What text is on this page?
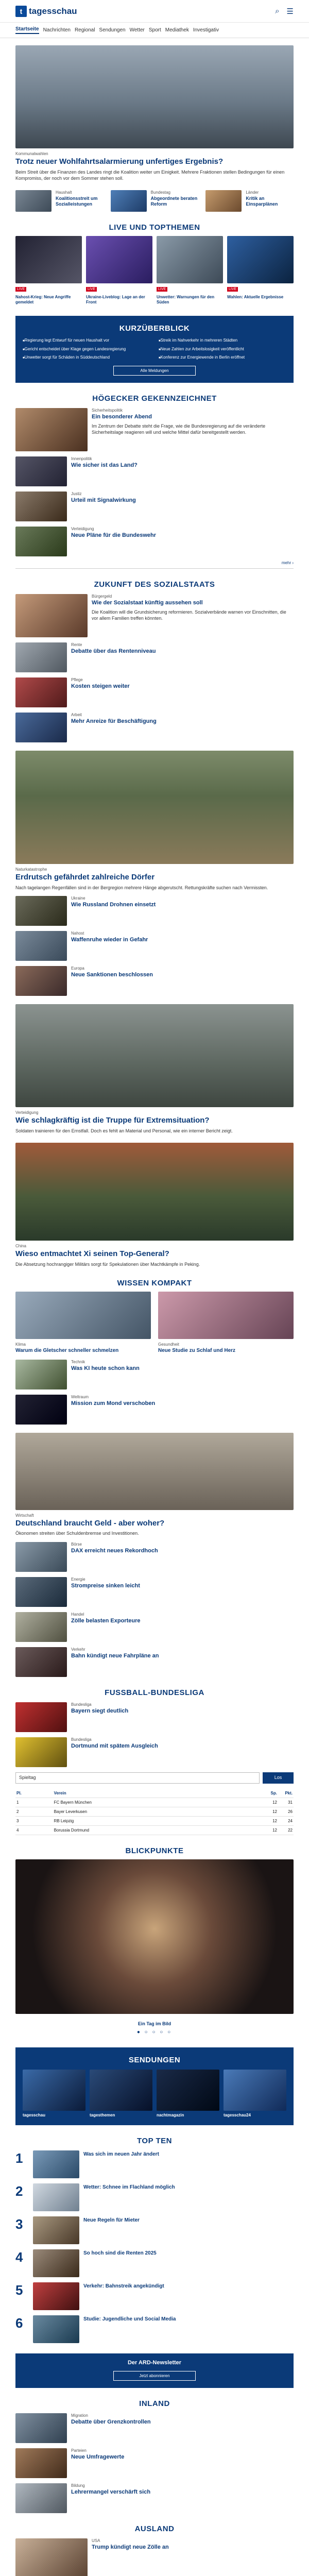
t tagesschau	⌕ ☰
Startseite Nachrichten Regional Sendungen Wetter Sport Mediathek Investigativ
Kommunalwahlen
Trotz neuer Wohlfahrtsalarmierung unfertiges Ergebnis?
Beim Streit über die Finanzen des Landes ringt die Koalition weiter um Einigkeit. Mehrere Fraktionen stellen Bedingungen für einen Kompromiss, der noch vor dem Sommer stehen soll.
Haushalt
Koalitionsstreit um Sozialleistungen
Bundestag
Abgeordnete beraten Reform
Länder
Kritik an Einsparplänen
LIVE UND TOPTHEMEN
LIVE
Nahost-Krieg: Neue Angriffe gemeldet
LIVE
Ukraine-Liveblog: Lage an der Front
LIVE
Unwetter: Warnungen für den Süden
LIVE
Wahlen: Aktuelle Ergebnisse
KURZÜBERBLICK
■ Regierung legt Entwurf für neuen Haushalt vor	■ Streik im Nahverkehr in mehreren Städten
■ Gericht entscheidet über Klage gegen Landesregierung	■ Neue Zahlen zur Arbeitslosigkeit veröffentlicht
■ Unwetter sorgt für Schäden in Süddeutschland	■ Konferenz zur Energiewende in Berlin eröffnet
Alle Meldungen
HÖGECKER GEKENNZEICHNET
Sicherheitspolitik
Ein besonderer Abend
Im Zentrum der Debatte steht die Frage, wie die Bundesregierung auf die veränderte Sicherheitslage reagieren will und welche Mittel dafür bereitgestellt werden.
Innenpolitik
Wie sicher ist das Land?
Justiz
Urteil mit Signalwirkung
Verteidigung
Neue Pläne für die Bundeswehr
mehr ›
ZUKUNFT DES SOZIALSTAATS
Bürgergeld
Wie der Sozialstaat künftig aussehen soll
Die Koalition will die Grundsicherung reformieren. Sozialverbände warnen vor Einschnitten, die vor allem Familien treffen könnten.
Rente
Debatte über das Rentenniveau
Pflege
Kosten steigen weiter
Arbeit
Mehr Anreize für Beschäftigung
Naturkatastrophe
Erdrutsch gefährdet zahlreiche Dörfer
Nach tagelangen Regenfällen sind in der Bergregion mehrere Hänge abgerutscht. Rettungskräfte suchen nach Vermissten.
Ukraine
Wie Russland Drohnen einsetzt
Nahost
Waffenruhe wieder in Gefahr
Europa
Neue Sanktionen beschlossen
Verteidigung
Wie schlagkräftig ist die Truppe für Extremsituation?
Soldaten trainieren für den Ernstfall. Doch es fehlt an Material und Personal, wie ein interner Bericht zeigt.
China
Wieso entmachtet Xi seinen Top-General?
Die Absetzung hochrangiger Militärs sorgt für Spekulationen über Machtkämpfe in Peking.
WISSEN KOMPAKT
Klima
Warum die Gletscher schneller schmelzen
Gesundheit
Neue Studie zu Schlaf und Herz
Technik
Was KI heute schon kann
Weltraum
Mission zum Mond verschoben
Wirtschaft
Deutschland braucht Geld - aber woher?
Ökonomen streiten über Schuldenbremse und Investitionen.
Börse
DAX erreicht neues Rekordhoch
Energie
Strompreise sinken leicht
Handel
Zölle belasten Exporteure
Verkehr
Bahn kündigt neue Fahrpläne an
FUSSBALL-BUNDESLIGA
Bundesliga
Bayern siegt deutlich
Bundesliga
Dortmund mit spätem Ausgleich
Spieltag	Los
Pl.	Verein	Sp.	Pkt.
1	FC Bayern München	12	31
2	Bayer Leverkusen	12	26
3	RB Leipzig	12	24
4	Borussia Dortmund	12	22
BLICKPUNKTE
Ein Tag im Bild
● ○ ○ ○ ○
SENDUNGEN
tagesschau	tagesthemen	nachtmagazin	tagesschau24
TOP TEN
1	Was sich im neuen Jahr ändert
2	Wetter: Schnee im Flachland möglich
3	Neue Regeln für Mieter
4	So hoch sind die Renten 2025
5	Verkehr: Bahnstreik angekündigt
6	Studie: Jugendliche und Social Media
Der ARD-Newsletter
Jetzt abonnieren
INLAND
Migration
Debatte über Grenzkontrollen
Parteien
Neue Umfragewerte
Bildung
Lehrermangel verschärft sich
AUSLAND
USA
Trump kündigt neue Zölle an
